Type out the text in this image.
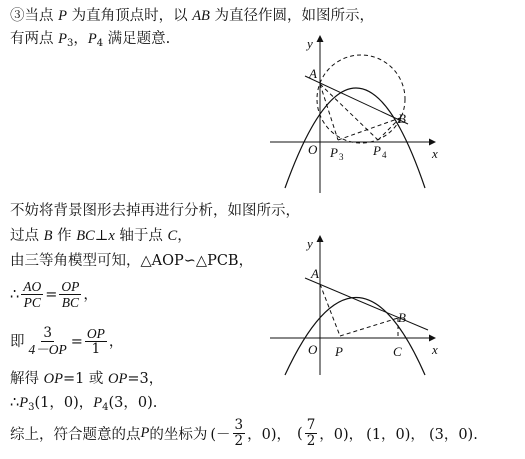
③当点 P 为直角顶点时，以 AB 为直径作圆，如图所示，
有两点 $P_3$，$P_4$ 满足题意.	y
x
A
B
O P 3 P 4
不妨将背景图形去掉再进行分析，如图所示，
过点 B 作 BC⊥x 轴于点 C，
由三等角模型可知，△AOP∽△PCB，
∴ $\frac{AO}{PC} = \frac{OP}{BC}$ ，
即 $\frac{3}{4-OP} = \frac{OP}{1}$ ，
解得 OP=1 或 OP=3，
$\therefore P_3(1$，0)，$P_4(3$，0).
y
x
A
B
O P	C
综上，符合题意的点 P 的坐标为 (－ $\frac{3}{2}$ ，0)， ( $\frac{7}{2}$ ，0)， (1，0)， (3，0).
